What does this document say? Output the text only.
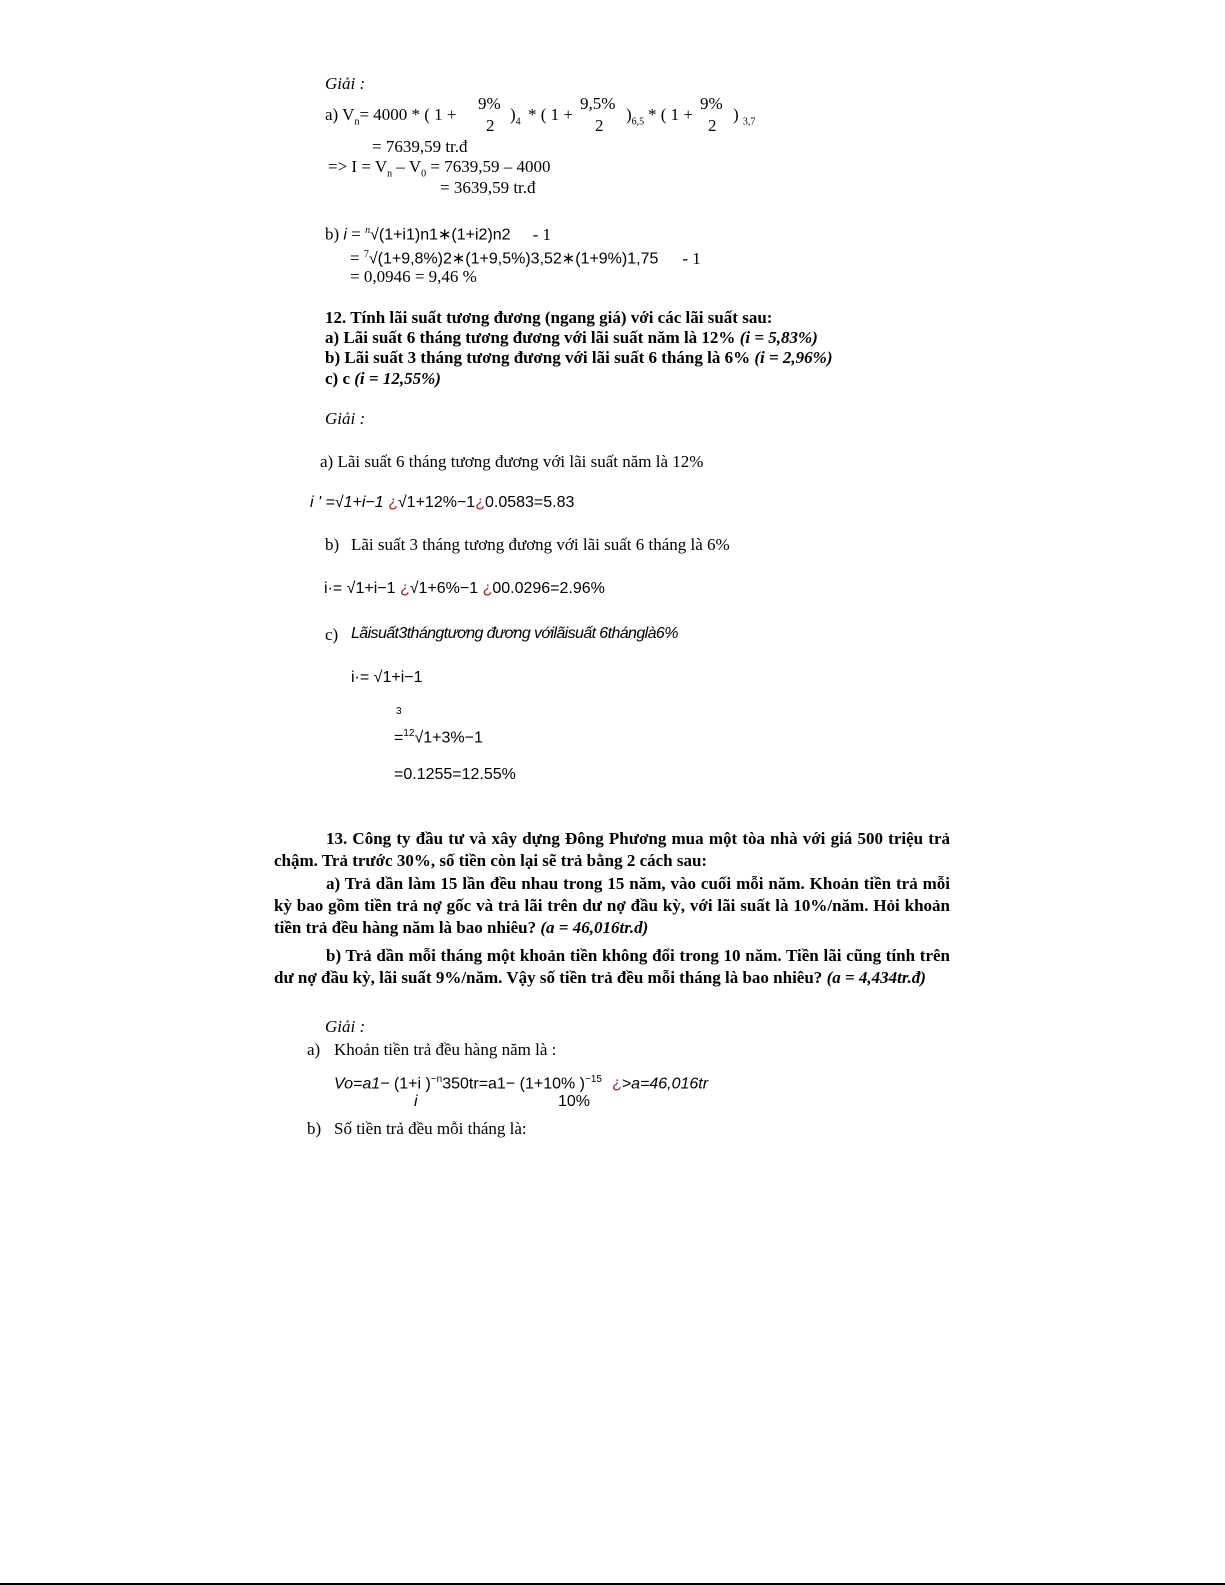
Giải :
a) $V_n= 4000$ * ( 1 +
9%
2
)$_4$ * ( 1 +
9,5%
2
)$_{6,5}$ * ( 1 +
9%
2
) $_{3,7}$
= 7639,59 tr.đ
=> $I = V_n - V_0 = 7639,59 - 4000$
= 3639,59 tr.đ
b) i = $^n$√(1+i1)n1∗(1+i2)n2 - 1
= $^7$√(1+9,8%)2∗(1+9,5%)3,52∗(1+9%)1,75 - 1
= 0,0946 = 9,46 %
12. Tính lãi suất tương đương (ngang giá) với các lãi suất sau:
a) Lãi suất 6 tháng tương đương với lãi suất năm là 12% (i = 5,83%)
b) Lãi suất 3 tháng tương đương với lãi suất 6 tháng là 6% (i = 2,96%)
c) c (i = 12,55%)
Giải :
a) Lãi suất 6 tháng tương đương với lãi suất năm là 12%
i ' =√1+i−1 ¿√1+12%−1¿0.0583=5.83
b) Lãi suất 3 tháng tương đương với lãi suất 6 tháng là 6%
i·= √1+i−1 ¿√1+6%−1 ¿00.0296=2.96%
c) Lãisuất3thángtương đương vớilãisuất 6thánglà6%
i·= √1+i−1
3
=$^{12}$√1+3%−1
=0.1255=12.55%
13. Công ty đầu tư và xây dựng Đông Phương mua một tòa nhà với giá 500 triệu trả chậm. Trả trước 30%, số tiền còn lại sẽ trả bằng 2 cách sau:
a) Trả dần làm 15 lần đều nhau trong 15 năm, vào cuối mỗi năm. Khoản tiền trả mỗi kỳ bao gồm tiền trả nợ gốc và trả lãi trên dư nợ đầu kỳ, với lãi suất là 10%/năm. Hỏi khoản tiền trả đều hàng năm là bao nhiêu? (a = 46,016tr.d)
b) Trả dần mỗi tháng một khoản tiền không đổi trong 10 năm. Tiền lãi cũng tính trên dư nợ đầu kỳ, lãi suất 9%/năm. Vậy số tiền trả đều mỗi tháng là bao nhiêu? (a = 4,434tr.đ)
Giải :
a) Khoản tiền trả đều hàng năm là :
Vo=a1− (1+i )$^{-n}$350tr=a1− (1+10% )$^{-15}$ ¿>a=46,016tr
i	10%
b) Số tiền trả đều mỗi tháng là:
